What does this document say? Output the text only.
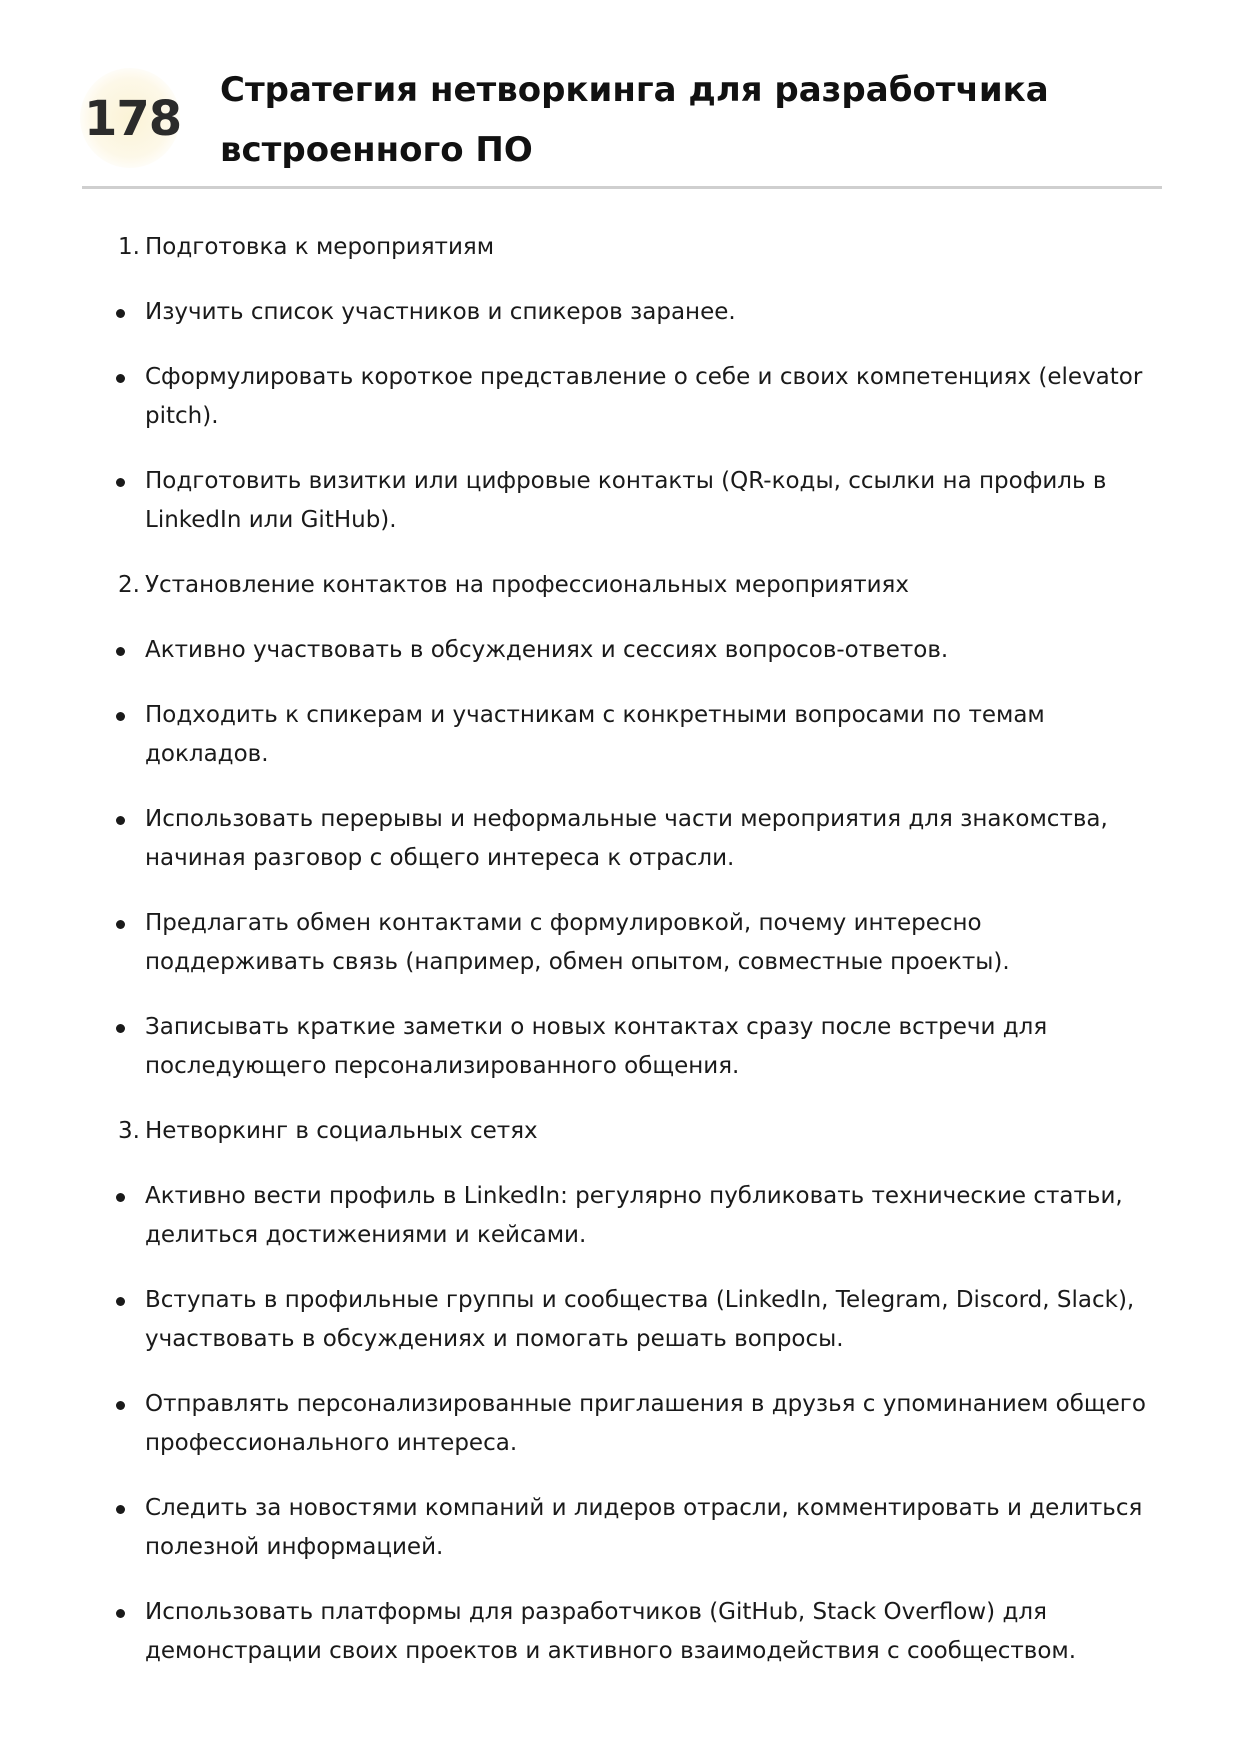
178
Стратегия нетворкинга для разработчика
встроенного ПО
1. Подготовка к мероприятиям
Изучить список участников и спикеров заранее.
Сформулировать короткое представление о себе и своих компетенциях (elevator pitch).
Подготовить визитки или цифровые контакты (QR-коды, ссылки на профиль в LinkedIn или GitHub).
2. Установление контактов на профессиональных мероприятиях
Активно участвовать в обсуждениях и сессиях вопросов-ответов.
Подходить к спикерам и участникам с конкретными вопросами по темам докладов.
Использовать перерывы и неформальные части мероприятия для знакомства, начиная разговор с общего интереса к отрасли.
Предлагать обмен контактами с формулировкой, почему интересно поддерживать связь (например, обмен опытом, совместные проекты).
Записывать краткие заметки о новых контактах сразу после встречи для последующего персонализированного общения.
3. Нетворкинг в социальных сетях
Активно вести профиль в LinkedIn: регулярно публиковать технические статьи, делиться достижениями и кейсами.
Вступать в профильные группы и сообщества (LinkedIn, Telegram, Discord, Slack), участвовать в обсуждениях и помогать решать вопросы.
Отправлять персонализированные приглашения в друзья с упоминанием общего профессионального интереса.
Следить за новостями компаний и лидеров отрасли, комментировать и делиться полезной информацией.
Использовать платформы для разработчиков (GitHub, Stack Overflow) для демонстрации своих проектов и активного взаимодействия с сообществом.
